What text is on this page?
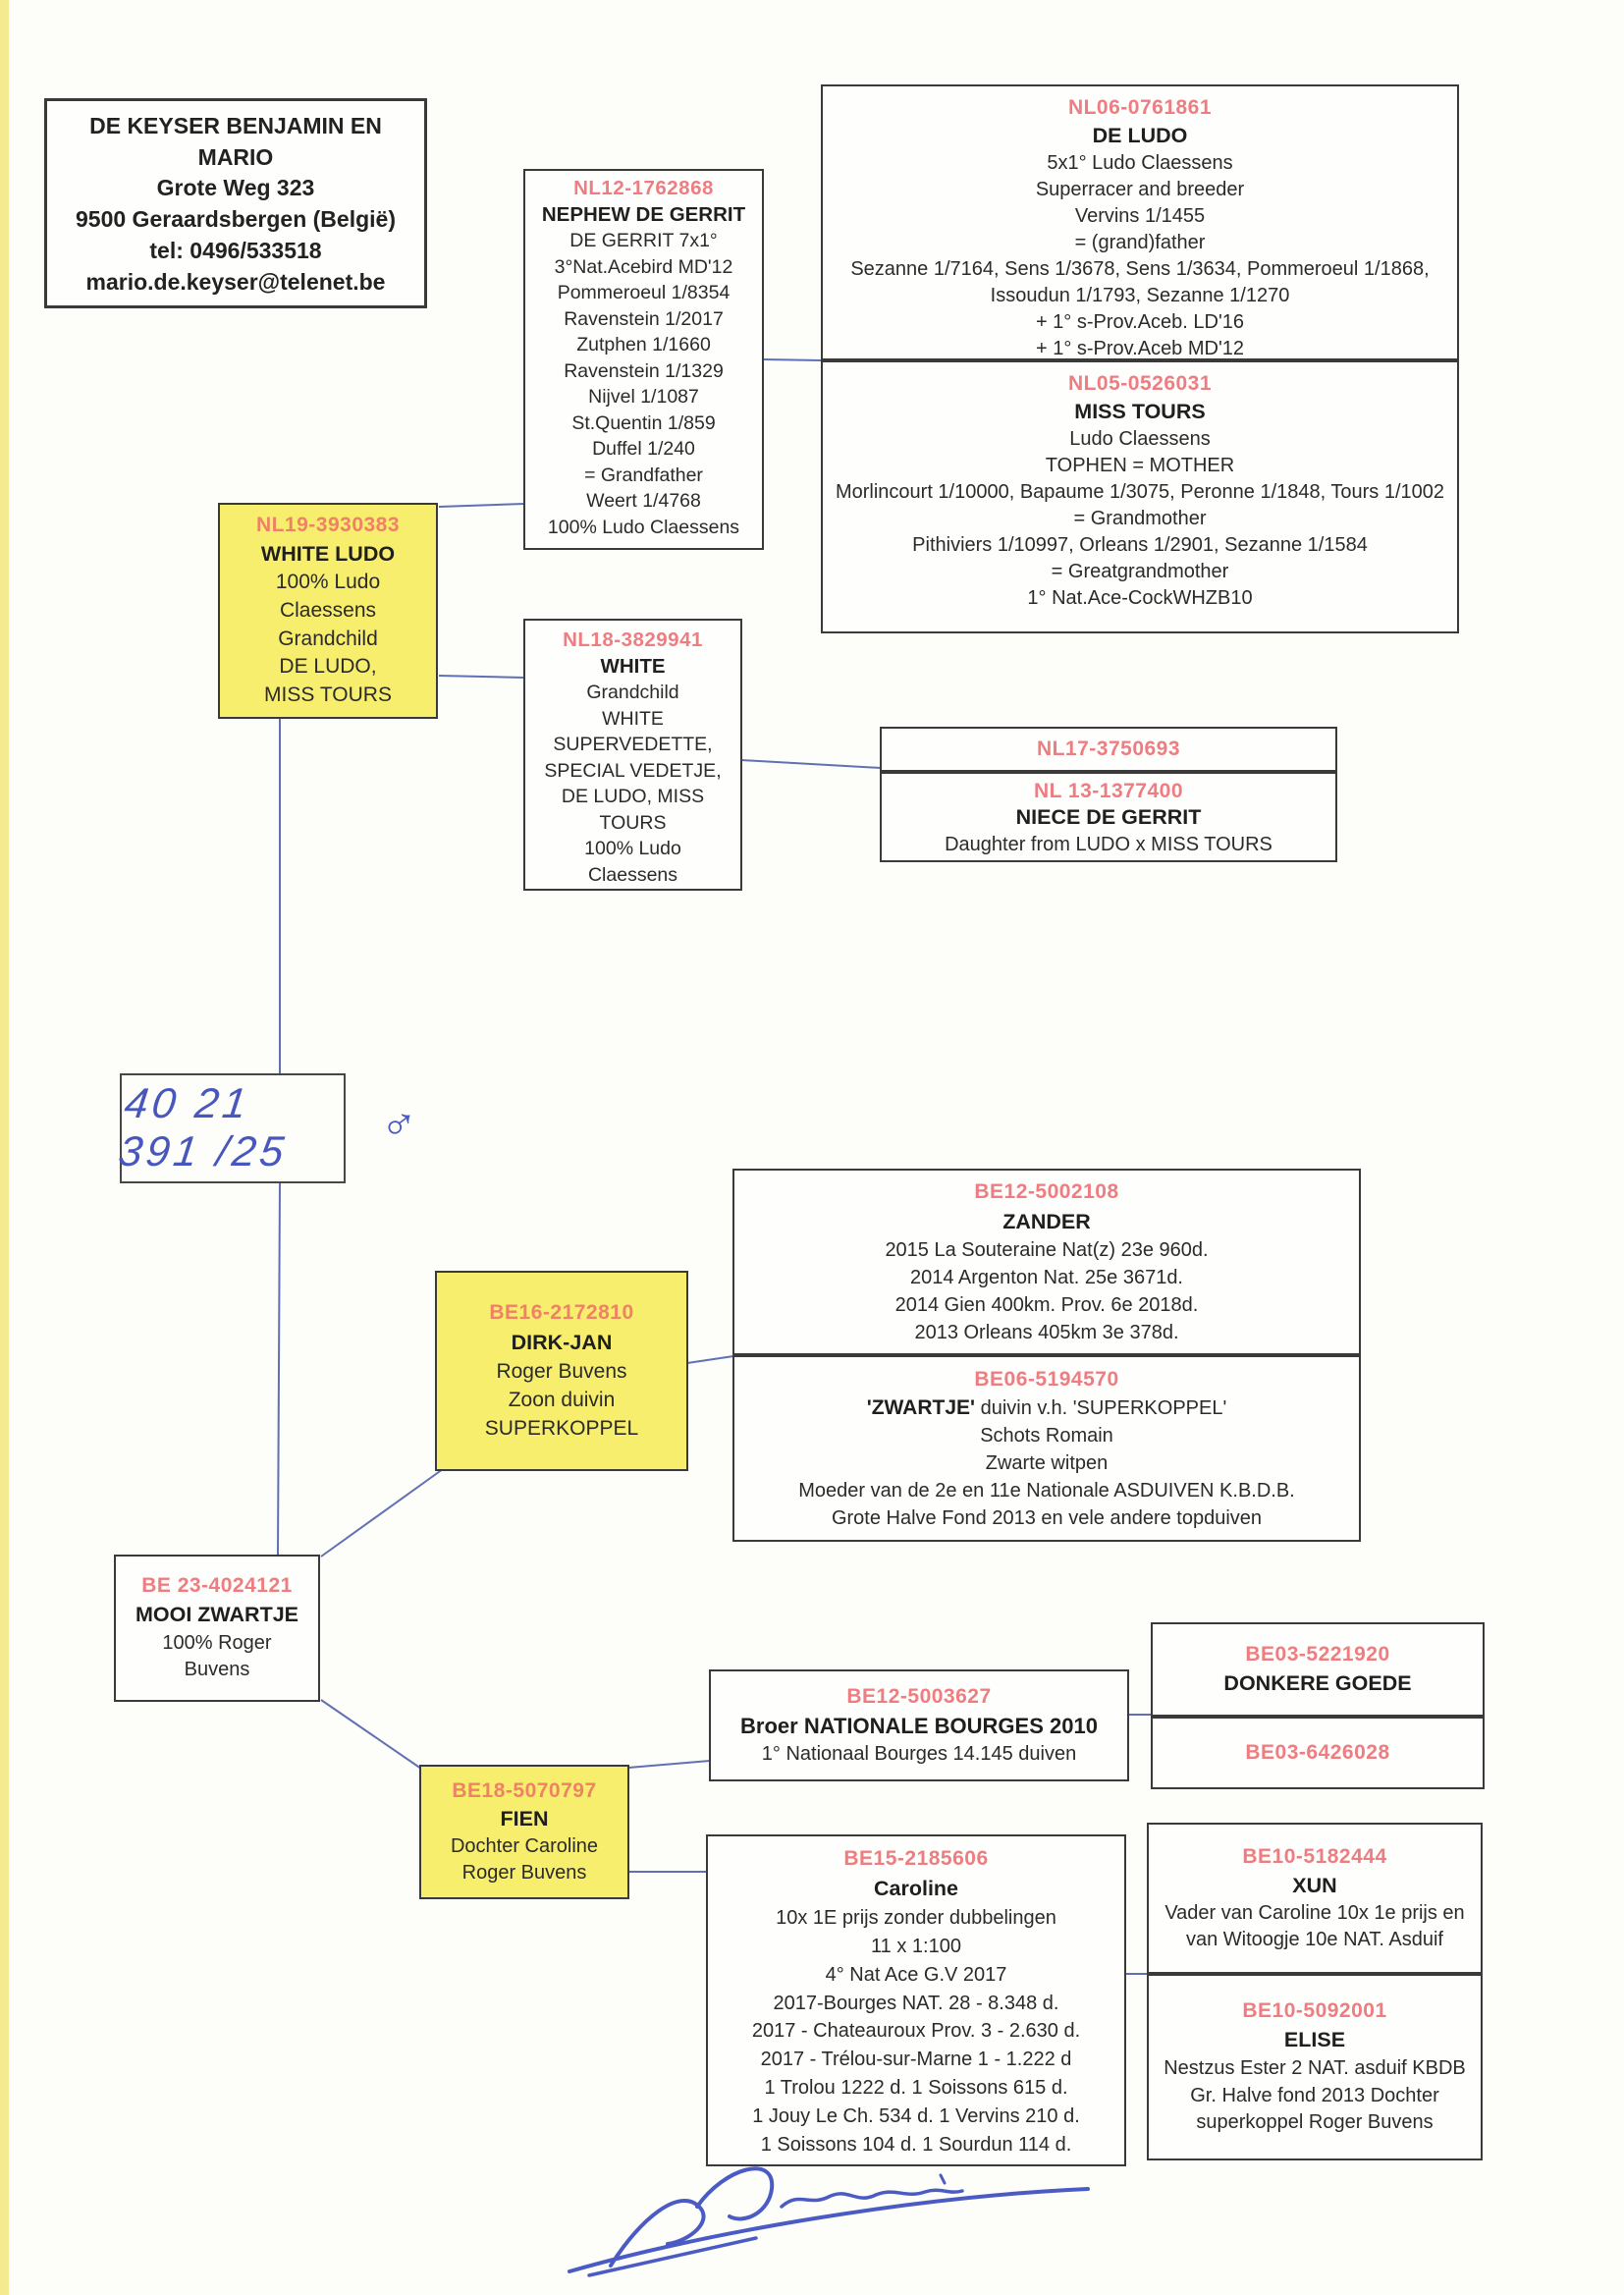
DE KEYSER BENJAMIN EN MARIO
Grote Weg 323
9500 Geraardsbergen (België)
tel: 0496/533518
mario.de.keyser@telenet.be
NL12-1762868
NEPHEW DE GERRIT
DE GERRIT 7x1°
3°Nat.Acebird MD'12
Pommeroeul 1/8354
Ravenstein 1/2017
Zutphen 1/1660
Ravenstein 1/1329
Nijvel 1/1087
St.Quentin 1/859
Duffel 1/240
= Grandfather
Weert 1/4768
100% Ludo Claessens
NL06-0761861
DE LUDO
5x1° Ludo Claessens
Superracer and breeder
Vervins 1/1455
= (grand)father
Sezanne 1/7164, Sens 1/3678, Sens 1/3634, Pommeroeul 1/1868, Issoudun 1/1793, Sezanne 1/1270
+ 1° s-Prov.Aceb. LD'16
+ 1° s-Prov.Aceb MD'12
NL05-0526031
MISS TOURS
Ludo Claessens
TOPHEN = MOTHER
Morlincourt 1/10000, Bapaume 1/3075, Peronne 1/1848, Tours 1/1002
= Grandmother
Pithiviers 1/10997, Orleans 1/2901, Sezanne 1/1584
= Greatgrandmother
1° Nat.Ace-CockWHZB10
NL19-3930383
WHITE LUDO
100% Ludo
Claessens
Grandchild
DE LUDO,
MISS TOURS
NL18-3829941
WHITE
Grandchild
WHITE
SUPERVEDETTE,
SPECIAL VEDETJE,
DE LUDO, MISS
TOURS
100% Ludo
Claessens
NL17-3750693
NL 13-1377400
NIECE DE GERRIT
Daughter from LUDO x MISS TOURS
40 21 391 /25	♂
BE16-2172810
DIRK-JAN
Roger Buvens
Zoon duivin
SUPERKOPPEL
BE12-5002108
ZANDER
2015 La Souteraine Nat(z) 23e 960d.
2014 Argenton Nat. 25e 3671d.
2014 Gien 400km. Prov. 6e 2018d.
2013 Orleans 405km 3e 378d.
BE06-5194570
'ZWARTJE' duivin v.h. 'SUPERKOPPEL'
Schots Romain
Zwarte witpen
Moeder van de 2e en 11e Nationale ASDUIVEN K.B.D.B.
Grote Halve Fond 2013 en vele andere topduiven
BE 23-4024121
MOOI ZWARTJE
100% Roger
Buvens
BE12-5003627
Broer NATIONALE BOURGES 2010
1° Nationaal Bourges 14.145 duiven
BE03-5221920
DONKERE GOEDE
BE03-6426028
BE18-5070797
FIEN
Dochter Caroline
Roger Buvens
BE15-2185606
Caroline
10x 1E prijs zonder dubbelingen
11 x 1:100
4° Nat Ace G.V 2017
2017-Bourges NAT. 28 - 8.348 d.
2017 - Chateauroux Prov. 3 - 2.630 d.
2017 - Trélou-sur-Marne 1 - 1.222 d
1 Trolou 1222 d. 1 Soissons 615 d.
1 Jouy Le Ch. 534 d. 1 Vervins 210 d.
1 Soissons 104 d. 1 Sourdun 114 d.
BE10-5182444
XUN
Vader van Caroline 10x 1e prijs en van Witoogje 10e NAT. Asduif
BE10-5092001
ELISE
Nestzus Ester 2 NAT. asduif KBDB Gr. Halve fond 2013 Dochter superkoppel Roger Buvens
